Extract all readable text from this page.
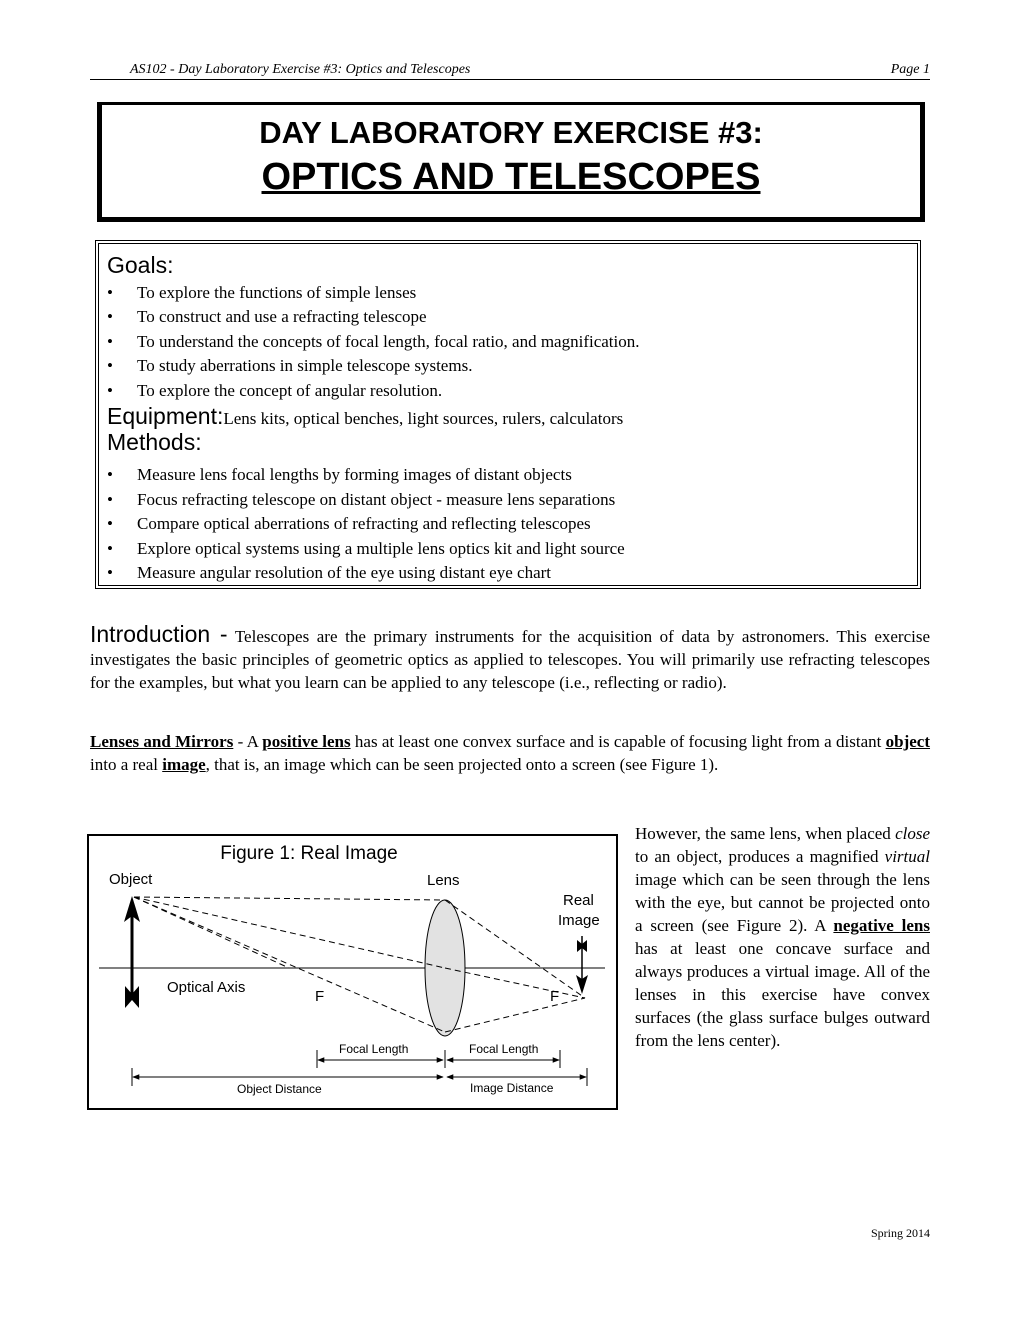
AS102 - Day Laboratory Exercise #3: Optics and Telescopes	Page 1
DAY LABORATORY EXERCISE #3:
OPTICS AND TELESCOPES
Goals:
• To explore the functions of simple lenses
• To construct and use a refracting telescope
• To understand the concepts of focal length, focal ratio, and magnification.
• To study aberrations in simple telescope systems.
• To explore the concept of angular resolution.
Equipment:Lens kits, optical benches, light sources, rulers, calculators
Methods:
• Measure lens focal lengths by forming images of distant objects
• Focus refracting telescope on distant object - measure lens separations
• Compare optical aberrations of refracting and reflecting telescopes
• Explore optical systems using a multiple lens optics kit and light source
• Measure angular resolution of the eye using distant eye chart

Introduction - Telescopes are the primary instruments for the acquisition of data by astronomers. This exercise investigates the basic principles of geometric optics as applied to telescopes. You will primarily use refracting telescopes for the examples, but what you learn can be applied to any telescope (i.e., reflecting or radio).

Lenses and Mirrors - A positive lens has at least one convex surface and is capable of focusing light from a distant object into a real image, that is, an image which can be seen projected onto a screen (see Figure 1).

However, the same lens, when placed close to an object, produces a magnified virtual image which can be seen through the lens with the eye, but cannot be projected onto a screen (see Figure 2). A negative lens has at least one concave surface and always produces a virtual image. All of the lenses in this exercise have convex surfaces (the glass surface bulges outward from the lens center).
Figure 1: Real Image
Object	Lens
Real
Image
Optical Axis
F	F
Focal Length	Focal Length
Object Distance	Image Distance
Spring 2014
